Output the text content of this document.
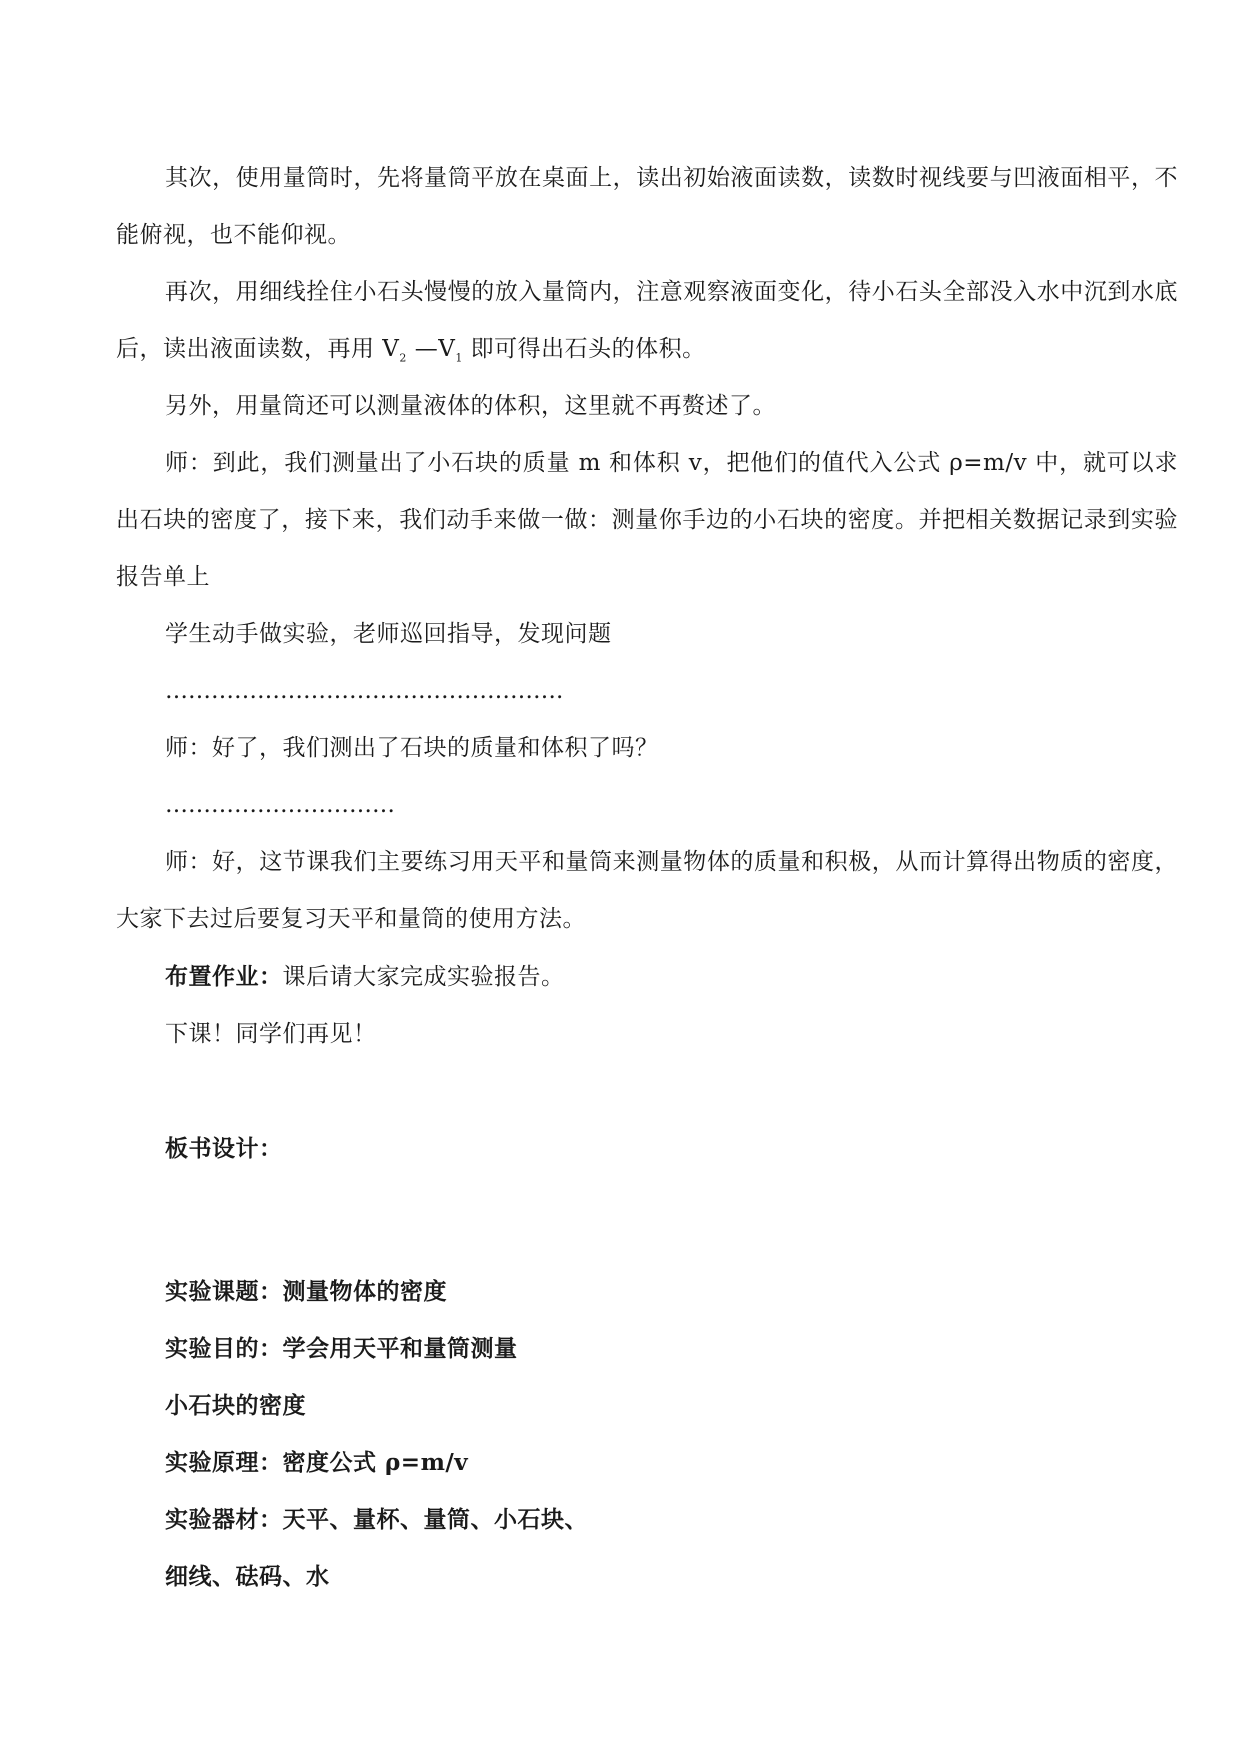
其次，使用量筒时，先将量筒平放在桌面上，读出初始液面读数，读数时视线要与凹液面相平，不能俯视，也不能仰视。

再次，用细线拴住小石头慢慢的放入量筒内，注意观察液面变化，待小石头全部没入水中沉到水底后，读出液面读数，再用 $V_2$ $—V_1$ 即可得出石头的体积。

另外，用量筒还可以测量液体的体积，这里就不再赘述了。

师：到此，我们测量出了小石块的质量 m 和体积 v，把他们的值代入公式 ρ=m/v 中，就可以求出石块的密度了，接下来，我们动手来做一做：测量你手边的小石块的密度。并把相关数据记录到实验报告单上

学生动手做实验，老师巡回指导，发现问题

…………………………………………….

师：好了，我们测出了石块的质量和体积了吗？

…………………………

师：好，这节课我们主要练习用天平和量筒来测量物体的质量和积极，从而计算得出物质的密度，大家下去过后要复习天平和量筒的使用方法。

布置作业：课后请大家完成实验报告。

下课！同学们再见！

板书设计：

实验课题：测量物体的密度

实验目的：学会用天平和量筒测量

小石块的密度

实验原理：密度公式 ρ=m/v

实验器材：天平、量杯、量筒、小石块、

细线、砝码、水
